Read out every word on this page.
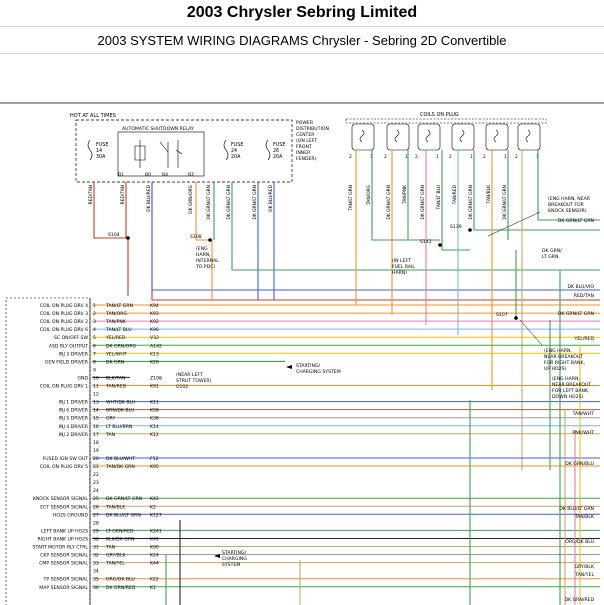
2003 Chrysler Sebring Limited
2003 SYSTEM WIRING DIAGRAMS Chrysler - Sebring 2D Convertible
HOT AT ALL TIMES
AUTOMATIC SHUTDOWN RELAY
FUSE
14
30A
FUSE
24
20A
FUSE
26
20A
POWER
DISTRIBUTION
CENTER
(ON LEFT
FRONT
INNER
FENDER)
B1	B0 B4	B2
COILS ON PLUG
2	1	2	1 2	1 2	1 2	1 2	1
RED/TAN	RED/TAN	DK BLU/RED	DK GRN/ORG	DK GRN/LT GRN	DK GRN/LT GRN	DK GRN/LT GRN	DK BLU/RED	TAN/LT GRN	TAN/ORG	DK GRN/LT GRN	TAN/PNK	DK GRN/LT GRN	TAN/LT BLU	TAN/RED	DK GRN/LT GRN	TAN/BLK	DK GRN/LT GRN
S104	S108
S142
S139
S107
COIL ON PLUG DRV 4 1 TAN/LT GRN	K94
COIL ON PLUG DRV 3 2 TAN/ORG	K93
COIL ON PLUG DRV 2 3 TAN/PNK	K92
COIL ON PLUG DRV 6 4 TAN/LT BLU	K96
SC ON/OFF SW 5 YEL/RED	V32
ASD RLY OUTPUT 6 DK GRN/ORG	A142
INJ 3 DRIVER 7 YEL/WHT	K13
GEN FIELD DRIVER 8 DK GRN	K20
9
GND 10 BLK/TAN	Z108
COIL ON PLUG DRV 1 11 TAN/RED	K91
12
INJ 1 DRIVER 13 WHT/DK BLU	K11
INJ 6 DRIVER 14 BRN/DK BLU	K58
INJ 5 DRIVER 15 GRY	K38
INJ 4 DRIVER 16 LT BLU/BRN	K14
INJ 2 DRIVER 17 TAN	K12
18
19
FUSED IGN SW OUT 20 DK BLU/WHT	F12
COIL ON PLUG DRV 5 21 TAN/DK GRN	K95
22
23
24
KNOCK SENSOR SIGNAL 25 DK GRN/LT GRN K42
ECT SENSOR SIGNAL 26 TAN/BLK	K2
HO2S GROUND 27 DK BLU/LT GRN K127
28
LEFT BANK UP HO2S 29 LT GRN/RED	K241
RIGHT BANK UP HO2S 30 BLK/DK GRN	K41
START MOTOR RLY CTRL 31 TAN	K90
CKP SENSOR SIGNAL 32 GRY/BLK	K24
CMP SENSOR SIGNAL 33 TAN/YEL	K44
34
TP SENSOR SIGNAL 35 ORG/DK BLU	K22
MAP SENSOR SIGNAL 36 DK GRN/RED	K1
DK BLU/VIO
RED/TAN
DK GRN/LT GRN
YEL/RED
TAN/WHT
PNK/WHT
DK GRN/BLU
DK BLU/LT GRN
TAN/BLK
ORG/DK BLU
GRY/BLK
TAN/YEL
DK GRN/RED
DK GRN/LT GRN
DK GRN/
LT GRN
(ENG
HARN,
INTERNAL
TO PDC)
(IN LEFT
FUEL RAIL
HARN)
(ENG HARN, NEAR
BREAKOUT FOR
KNOCK SENSOR)
(ENG HARN,
NEAR BREAKOUT
FOR RIGHT BANK,
UP HO2S)
(ENG HARN,
NEAR BREAKOUT
FOR LEFT BANK,
DOWN HO2S)
STARTING/
CHARGING SYSTEM
STARTING/
CHARGING
SYSTEM
(NEAR LEFT
STRUT TOWER)
G102
